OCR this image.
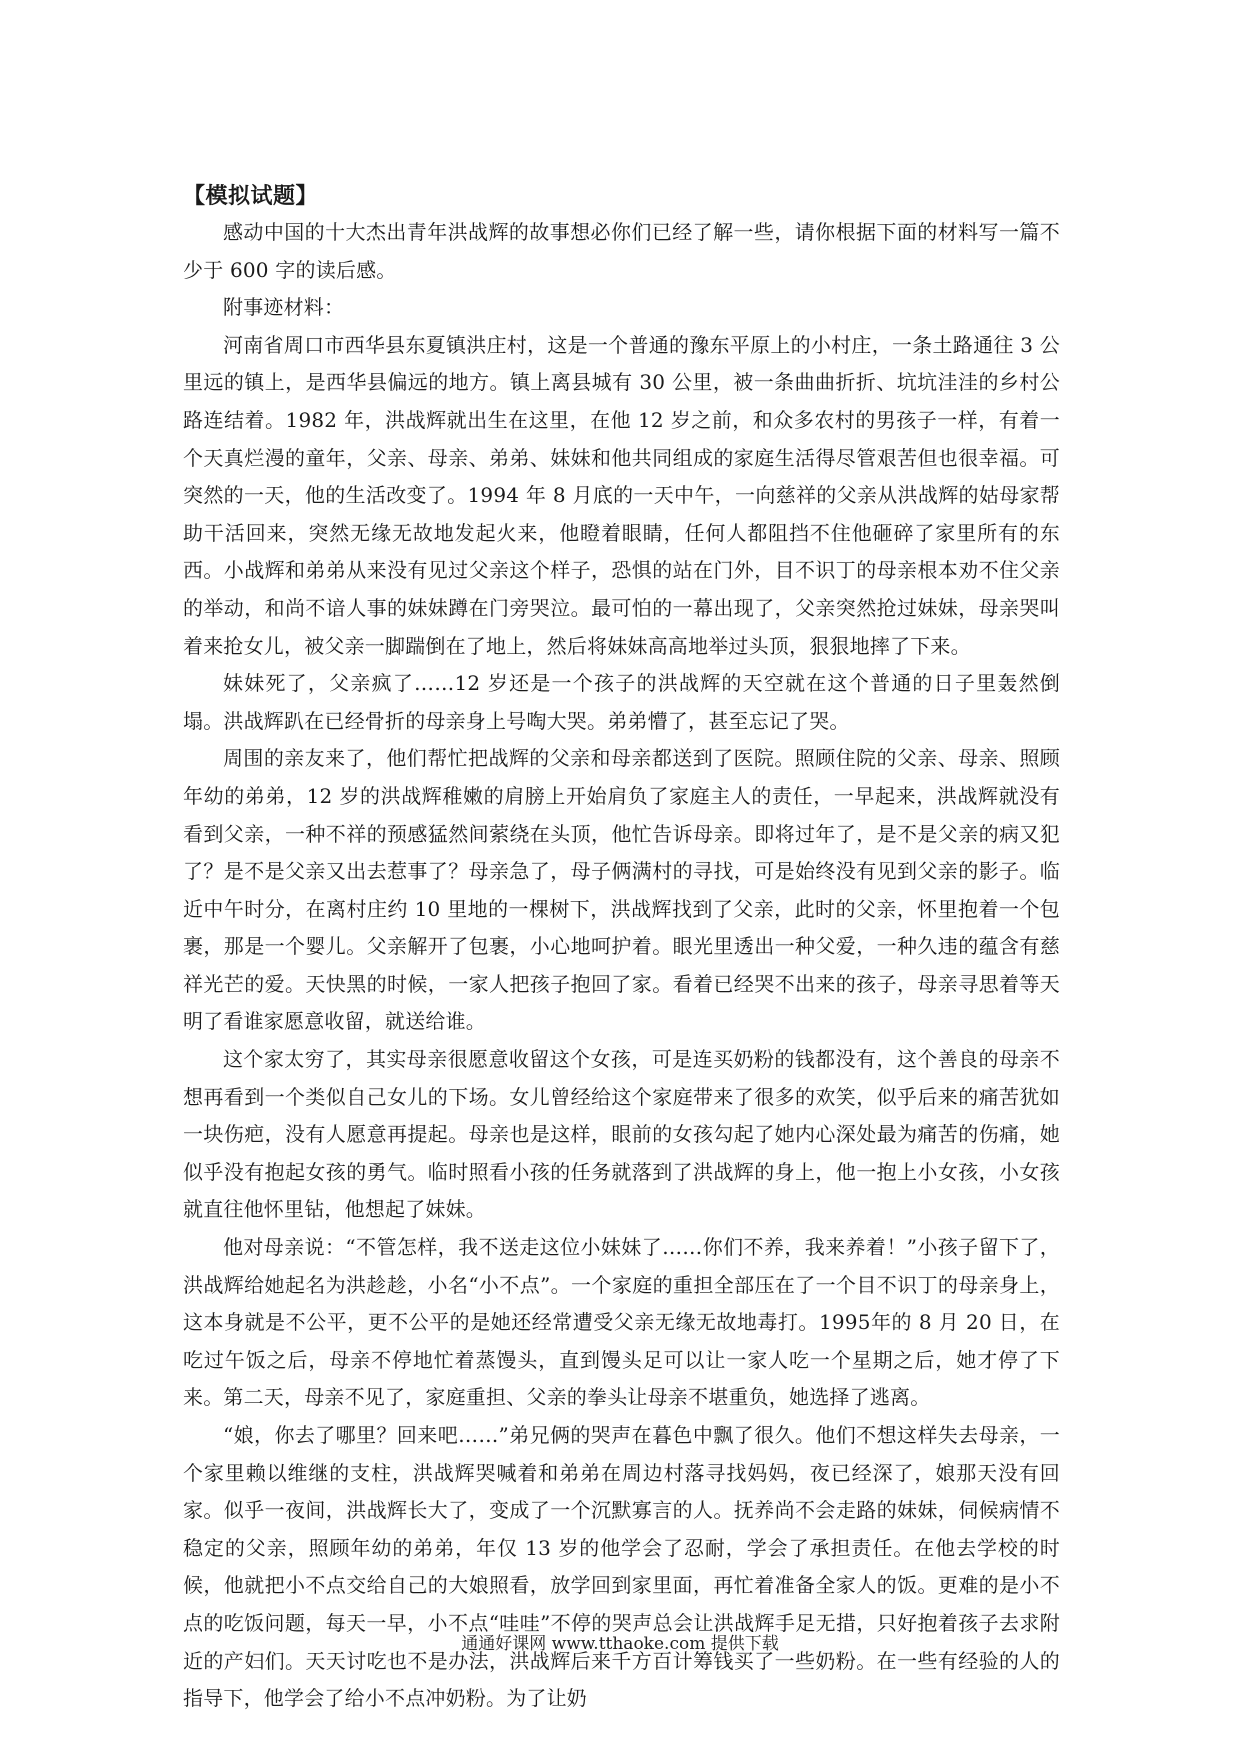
【模拟试题】

感动中国的十大杰出青年洪战辉的故事想必你们已经了解一些，请你根据下面的材料写一篇不少于 600 字的读后感。

附事迹材料：

河南省周口市西华县东夏镇洪庄村，这是一个普通的豫东平原上的小村庄，一条土路通往 3 公里远的镇上，是西华县偏远的地方。镇上离县城有 30 公里，被一条曲曲折折、坑坑洼洼的乡村公路连结着。1982 年，洪战辉就出生在这里，在他 12 岁之前，和众多农村的男孩子一样，有着一个天真烂漫的童年，父亲、母亲、弟弟、妹妹和他共同组成的家庭生活得尽管艰苦但也很幸福。可突然的一天，他的生活改变了。1994 年 8 月底的一天中午，一向慈祥的父亲从洪战辉的姑母家帮助干活回来，突然无缘无故地发起火来，他瞪着眼睛，任何人都阻挡不住他砸碎了家里所有的东西。小战辉和弟弟从来没有见过父亲这个样子，恐惧的站在门外，目不识丁的母亲根本劝不住父亲的举动，和尚不谙人事的妹妹蹲在门旁哭泣。最可怕的一幕出现了，父亲突然抢过妹妹，母亲哭叫着来抢女儿，被父亲一脚踹倒在了地上，然后将妹妹高高地举过头顶，狠狠地摔了下来。

妹妹死了，父亲疯了……12 岁还是一个孩子的洪战辉的天空就在这个普通的日子里轰然倒塌。洪战辉趴在已经骨折的母亲身上号啕大哭。弟弟懵了，甚至忘记了哭。

周围的亲友来了，他们帮忙把战辉的父亲和母亲都送到了医院。照顾住院的父亲、母亲、照顾年幼的弟弟，12 岁的洪战辉稚嫩的肩膀上开始肩负了家庭主人的责任，一早起来，洪战辉就没有看到父亲，一种不祥的预感猛然间萦绕在头顶，他忙告诉母亲。即将过年了，是不是父亲的病又犯了？是不是父亲又出去惹事了？母亲急了，母子俩满村的寻找，可是始终没有见到父亲的影子。临近中午时分，在离村庄约 10 里地的一棵树下，洪战辉找到了父亲，此时的父亲，怀里抱着一个包裹，那是一个婴儿。父亲解开了包裹，小心地呵护着。眼光里透出一种父爱，一种久违的蕴含有慈祥光芒的爱。天快黑的时候，一家人把孩子抱回了家。看着已经哭不出来的孩子，母亲寻思着等天明了看谁家愿意收留，就送给谁。

这个家太穷了，其实母亲很愿意收留这个女孩，可是连买奶粉的钱都没有，这个善良的母亲不想再看到一个类似自己女儿的下场。女儿曾经给这个家庭带来了很多的欢笑，似乎后来的痛苦犹如一块伤疤，没有人愿意再提起。母亲也是这样，眼前的女孩勾起了她内心深处最为痛苦的伤痛，她似乎没有抱起女孩的勇气。临时照看小孩的任务就落到了洪战辉的身上，他一抱上小女孩，小女孩就直往他怀里钻，他想起了妹妹。

他对母亲说：“不管怎样，我不送走这位小妹妹了……你们不养，我来养着！”小孩子留下了，洪战辉给她起名为洪趁趁，小名“小不点”。一个家庭的重担全部压在了一个目不识丁的母亲身上，这本身就是不公平，更不公平的是她还经常遭受父亲无缘无故地毒打。1995年的 8 月 20 日，在吃过午饭之后，母亲不停地忙着蒸馒头，直到馒头足可以让一家人吃一个星期之后，她才停了下来。第二天，母亲不见了，家庭重担、父亲的拳头让母亲不堪重负，她选择了逃离。

“娘，你去了哪里？回来吧……”弟兄俩的哭声在暮色中飘了很久。他们不想这样失去母亲，一个家里赖以维继的支柱，洪战辉哭喊着和弟弟在周边村落寻找妈妈，夜已经深了，娘那天没有回家。似乎一夜间，洪战辉长大了，变成了一个沉默寡言的人。抚养尚不会走路的妹妹，伺候病情不稳定的父亲，照顾年幼的弟弟，年仅 13 岁的他学会了忍耐，学会了承担责任。在他去学校的时候，他就把小不点交给自己的大娘照看，放学回到家里面，再忙着准备全家人的饭。更难的是小不点的吃饭问题，每天一早，小不点“哇哇”不停的哭声总会让洪战辉手足无措，只好抱着孩子去求附近的产妇们。天天讨吃也不是办法，洪战辉后来千方百计筹钱买了一些奶粉。在一些有经验的人的指导下，他学会了给小不点冲奶粉。为了让奶

通通好课网 www.tthaoke.com 提供下载
